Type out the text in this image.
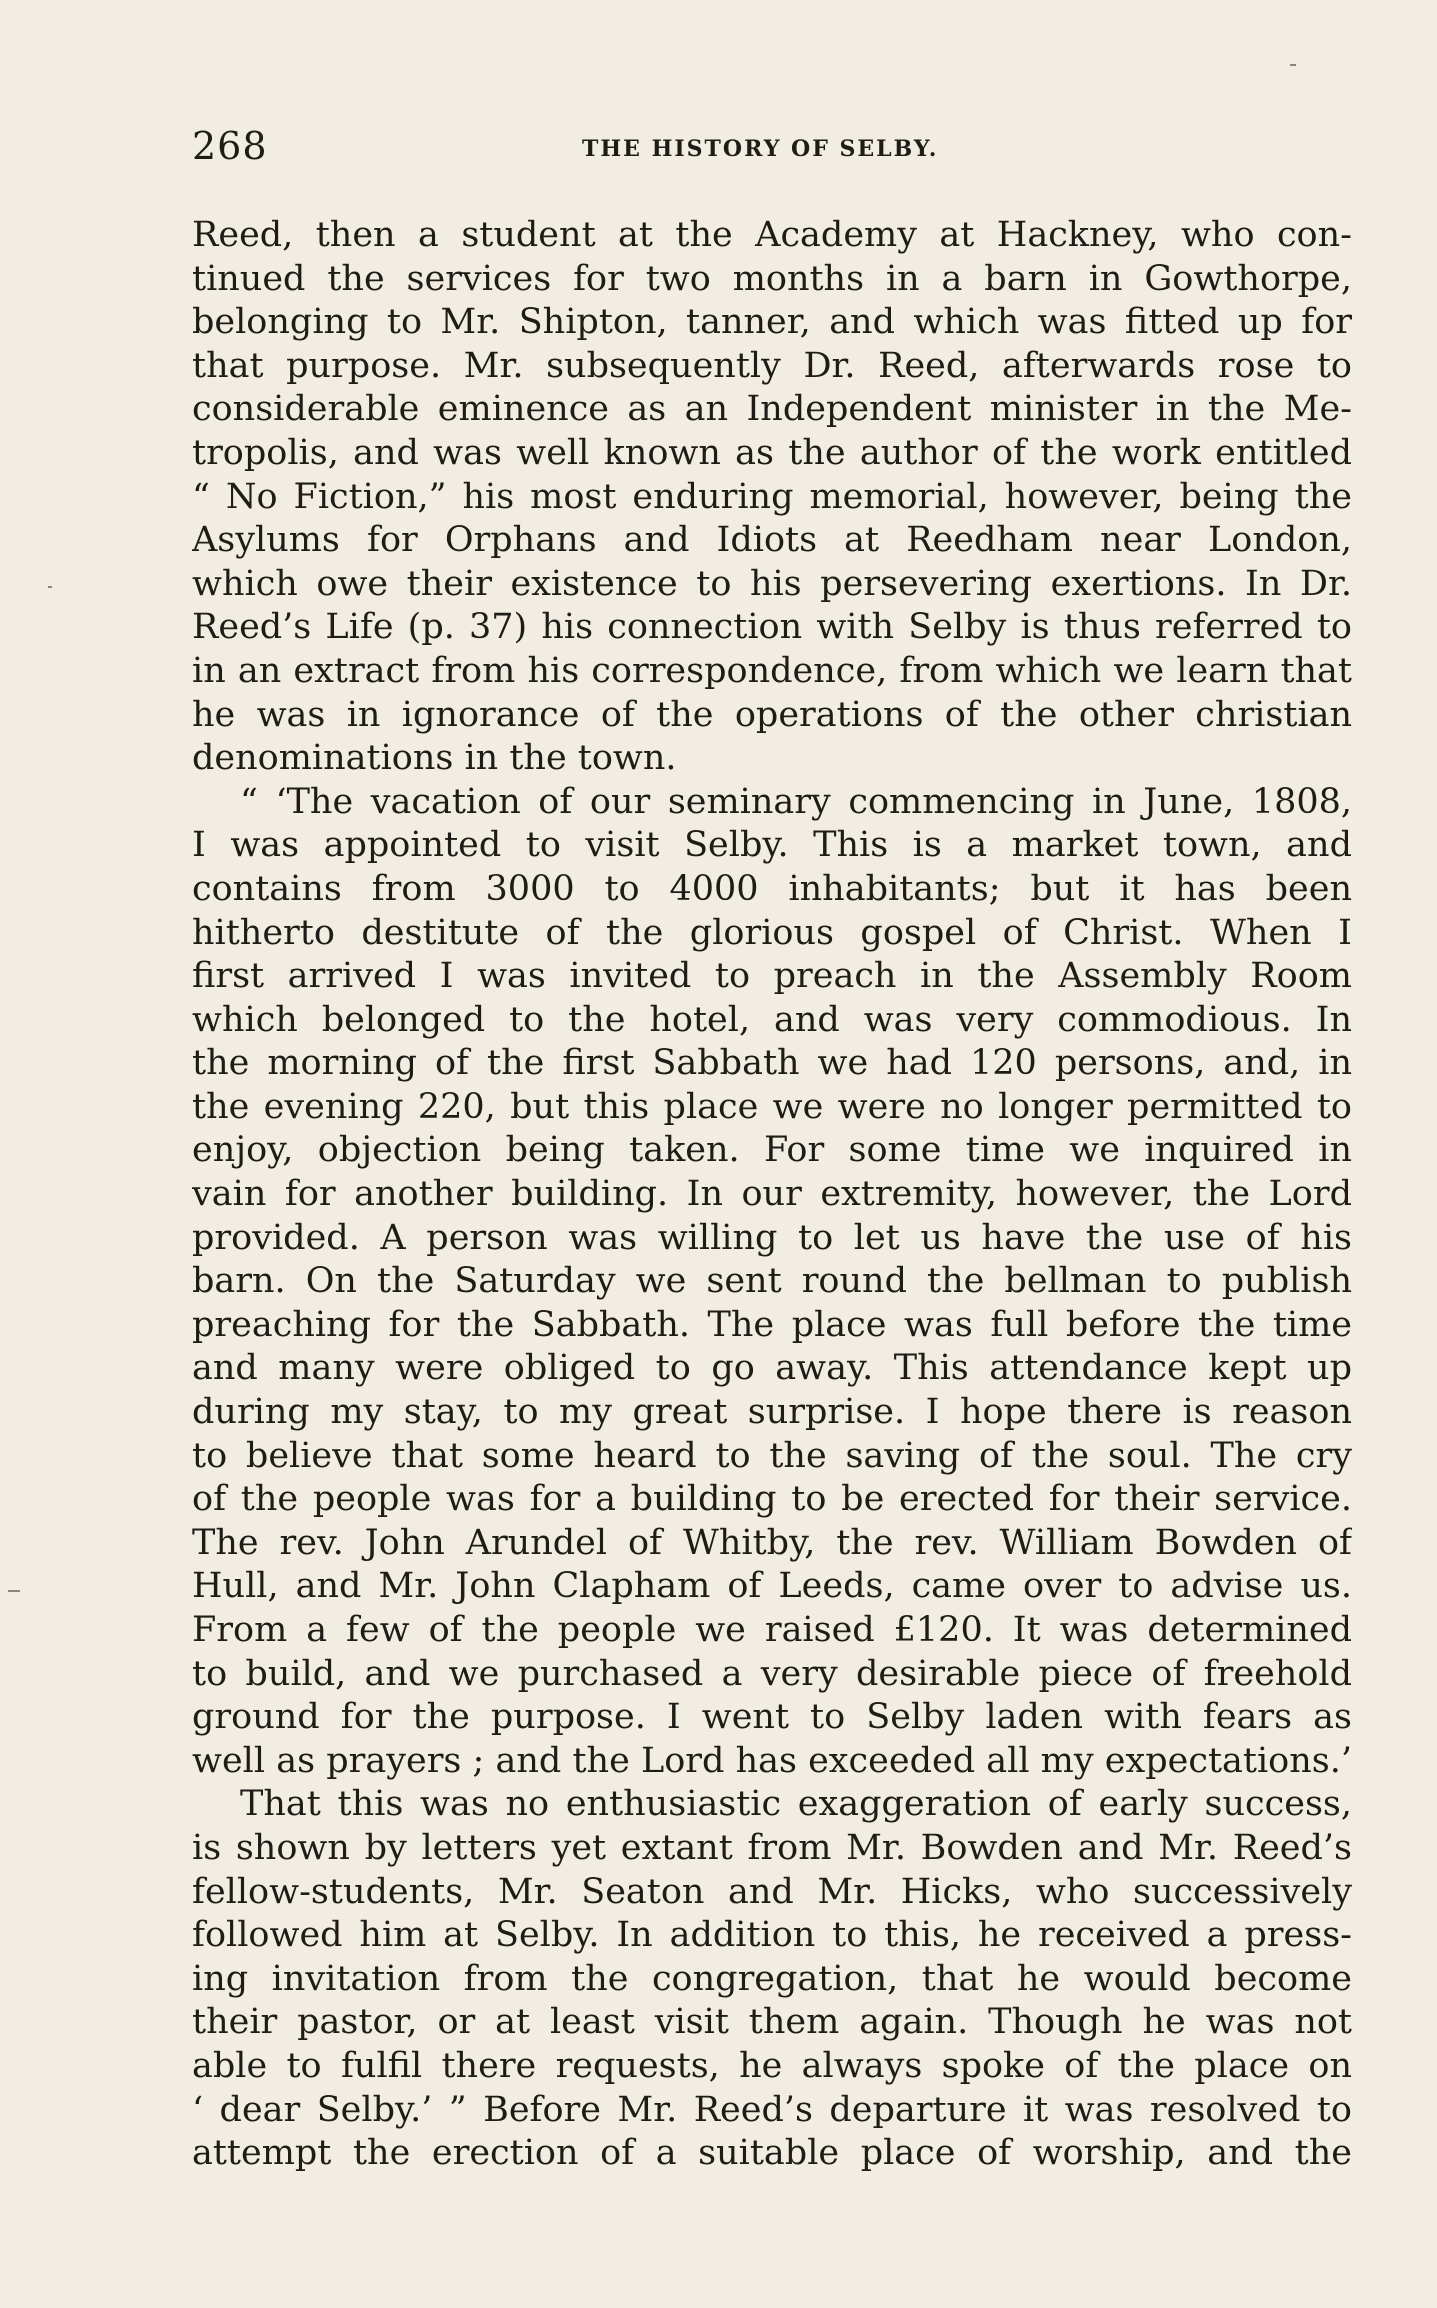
268	THE HISTORY OF SELBY.
Reed, then a student at the Academy at Hackney, who con-
tinued the services for two months in a barn in Gowthorpe,
belonging to Mr. Shipton, tanner, and which was fitted up for
that purpose. Mr. subsequently Dr. Reed, afterwards rose to
considerable eminence as an Independent minister in the Me-
tropolis, and was well known as the author of the work entitled
“ No Fiction,” his most enduring memorial, however, being the
Asylums for Orphans and Idiots at Reedham near London,
which owe their existence to his persevering exertions. In Dr.
Reed’s Life (p. 37) his connection with Selby is thus referred to
in an extract from his correspondence, from which we learn that
he was in ignorance of the operations of the other christian
denominations in the town.
“ ‘The vacation of our seminary commencing in June, 1808,
I was appointed to visit Selby. This is a market town, and
contains from 3000 to 4000 inhabitants; but it has been
hitherto destitute of the glorious gospel of Christ. When I
first arrived I was invited to preach in the Assembly Room
which belonged to the hotel, and was very commodious. In
the morning of the first Sabbath we had 120 persons, and, in
the evening 220, but this place we were no longer permitted to
enjoy, objection being taken. For some time we inquired in
vain for another building. In our extremity, however, the Lord
provided. A person was willing to let us have the use of his
barn. On the Saturday we sent round the bellman to publish
preaching for the Sabbath. The place was full before the time
and many were obliged to go away. This attendance kept up
during my stay, to my great surprise. I hope there is reason
to believe that some heard to the saving of the soul. The cry
of the people was for a building to be erected for their service.
The rev. John Arundel of Whitby, the rev. William Bowden of
Hull, and Mr. John Clapham of Leeds, came over to advise us.
From a few of the people we raised £120. It was determined
to build, and we purchased a very desirable piece of freehold
ground for the purpose. I went to Selby laden with fears as
well as prayers ; and the Lord has exceeded all my expectations.’
That this was no enthusiastic exaggeration of early success,
is shown by letters yet extant from Mr. Bowden and Mr. Reed’s
fellow-students, Mr. Seaton and Mr. Hicks, who successively
followed him at Selby. In addition to this, he received a press-
ing invitation from the congregation, that he would become
their pastor, or at least visit them again. Though he was not
able to fulfil there requests, he always spoke of the place on
‘ dear Selby.’ ” Before Mr. Reed’s departure it was resolved to
attempt the erection of a suitable place of worship, and the
